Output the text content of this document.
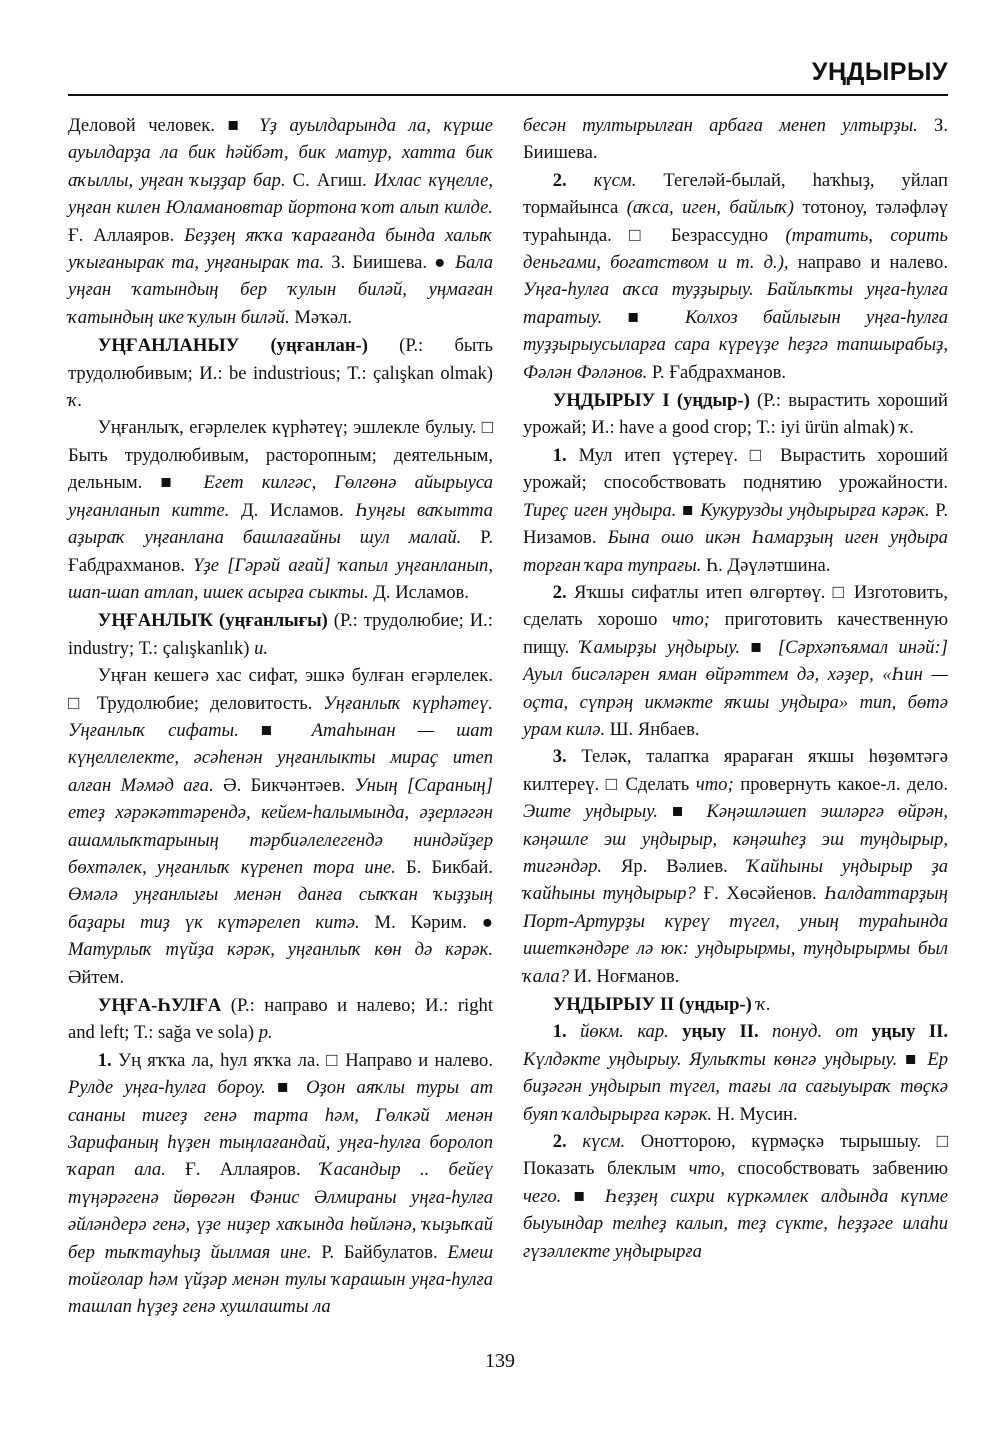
УҢДЫРЫУ

Деловой человек. ■ Үҙ ауылдарында ла, күрше ауылдарҙа ла бик һәйбәт, бик матур, хатта бик аҡыллы, уңған ҡыҙҙар бар. С. Агиш. Ихлас күңелле, уңған килен Юламановтар йортона ҡот алып килде. Ғ. Аллаяров. Беҙҙең яҡҡа ҡарағанда бында халыҡ уҡығанырак та, уңғанырак та. З. Биишева. ● Бала уңған ҡатындың бер ҡулын биләй, уңмаған ҡатындың ике ҡулын биләй. Мәҡәл.

УҢҒАНЛАНЫУ (уңғанлан-) (Р.: быть трудолюбивым; И.: be industrious; Т.: çalışkan olmak) ҡ.

Уңғанлыҡ, егәрлелек күрһәтеү; эшлекле булыу. □ Быть трудолюбивым, расторопным; деятельным, дельным. ■ Егет килгәс, Гөлгөнә айырыуса уңғанланып китте. Д. Исламов. Һуңғы ваҡытта аҙыраҡ уңғанлана башлағайны шул малай. Р. Ғабдрахманов. Үҙе [Гәрәй ағай] ҡапыл уңғанланып, шап-шап атлап, ишек асырға сыкты. Д. Исламов.

УҢҒАНЛЫҠ (уңғанлығы) (Р.: трудолюбие; И.: industry; Т.: çalışkanlık) и.

Уңған кешегә хас сифат, эшкә булған егәрлелек. □ Трудолюбие; деловитость. Уңғанлыҡ күрһәтеү. Уңғанлыҡ сифаты. ■ Атаһынан — шат күңеллелекте, әсәһенән уңғанлыкты мираҫ итеп алған Мәмәд аға. Ә. Бикчәнтәев. Уның [Сараның] етеҙ хәрәкәттәрендә, кейем-һалымында, әҙерләгән ашамлыҡтарының тәрбиәлелегендә ниндәйҙер бөхтәлек, уңғанлыҡ күренеп тора ине. Б. Бикбай. Өмәлә уңғанлығы менән данға сыҡҡан ҡыҙҙың баҙары тиҙ үк күтәрелеп китә. М. Кәрим. ● Матурлыҡ түйҙа кәрәк, уңғанлыҡ көн дә кәрәк. Әйтем.

УҢҒА-ҺУЛҒА (Р.: направо и налево; И.: right and left; Т.: sağa ve sola) р.

1. Уң яҡҡа ла, һул яҡҡа ла. □ Направо и налево. Рулде уңға-һулға бороу. ■ Оҙон аяҡлы туры ат сананы тигеҙ генә тарта һәм, Гөлкәй менән Зарифаның һүҙен тыңлағандай, уңға-һулға боролоп ҡарап ала. Ғ. Аллаяров. Ҡасандыр .. бейеү түңәрәгенә йөрөгән Фәнис Әлмираны уңға-һулға әйләндерә генә, үҙе ниҙер хаҡында һөйләнә, ҡыҙыҡай бер тыҡтауһыҙ йылмая ине. Р. Байбулатов. Емеш тойғолар һәм үйҙәр менән тулы ҡарашын уңға-һулға ташлап һүҙеҙ генә хушлашты ла

бесән тултырылған арбаға менеп ултырҙы. З. Биишева.

2. күсм. Тегеләй-былай, һаҡһыҙ, уйлап тормайынса (аҡса, иген, байлыҡ) тотоноу, тәләфләү тураһында. □ Безрассудно (тратить, сорить деньгами, богатством и т. д.), направо и налево. Уңға-һулға аҡса туҙҙырыу. Байлыҡты уңға-һулға таратыу. ■ Колхоз байлығын уңға-һулға туҙҙырыусыларға сара күреүҙе һеҙгә тапшырабыҙ, Фәлән Фәләнов. Р. Ғабдрахманов.

УҢДЫРЫУ I (уңдыр-) (Р.: вырастить хороший урожай; И.: have a good crop; Т.: iyi ürün almak) ҡ.

1. Мул итеп үҫтереү. □ Вырастить хороший урожай; способствовать поднятию урожайности. Тиреҫ иген уңдыра. ■ Кукурузды уңдырырға кәрәк. Р. Низамов. Бына ошо икән Һамарҙың иген уңдыра торған ҡара тупрағы. Һ. Дәүләтшина.

2. Яҡшы сифатлы итеп өлгөртөү. □ Изготовить, сделать хорошо что; приготовить качественную пищу. Ҡамырҙы уңдырыу. ■ [Сәрхәпъямал инәй:] Ауыл бисәләрен яман өйрәттем дә, хәҙер, «Һин — оҫта, сүпрәң икмәкте яҡшы уңдыра» тип, бөтә урам килә. Ш. Янбаев.

3. Теләк, талапҡа ярараған яҡшы һөҙөмтәгә килтереү. □ Сделать что; провернуть какое-л. дело. Эште уңдырыу. ■ Кәңәшләшеп эшләргә өйрән, кәңәшле эш уңдырыр, кәңәшһеҙ эш туңдырыр, тигәндәр. Яр. Вәлиев. Ҡайһыны уңдырыр ҙа ҡайһыны туңдырыр? Ғ. Хөсәйенов. Һалдаттарҙың Порт-Артурҙы күреү түгел, уның тураһында ишеткәндәре лә юк: уңдырырмы, туңдырырмы был ҡала? И. Ноғманов.

УҢДЫРЫУ II (уңдыр-) ҡ.

1. йөкм. кар. уңыу II. понуд. от уңыу II. Күлдәкте уңдырыу. Яулыҡты көнгә уңдырыу. ■ Ер биҙәгән уңдырып түгел, тағы ла сағыуыраҡ төҫкә буяп ҡалдырырға кәрәк. Н. Мусин.

2. күсм. Онотторою, күрмәҫкә тырышыу. □ Показать блеклым что, способствовать забвению чего. ■ Һеҙҙең сихри күркәмлек алдында күпме быуындар телһеҙ калып, теҙ сүкте, һеҙҙәге илаһи гүзәллекте уңдырырға

139
